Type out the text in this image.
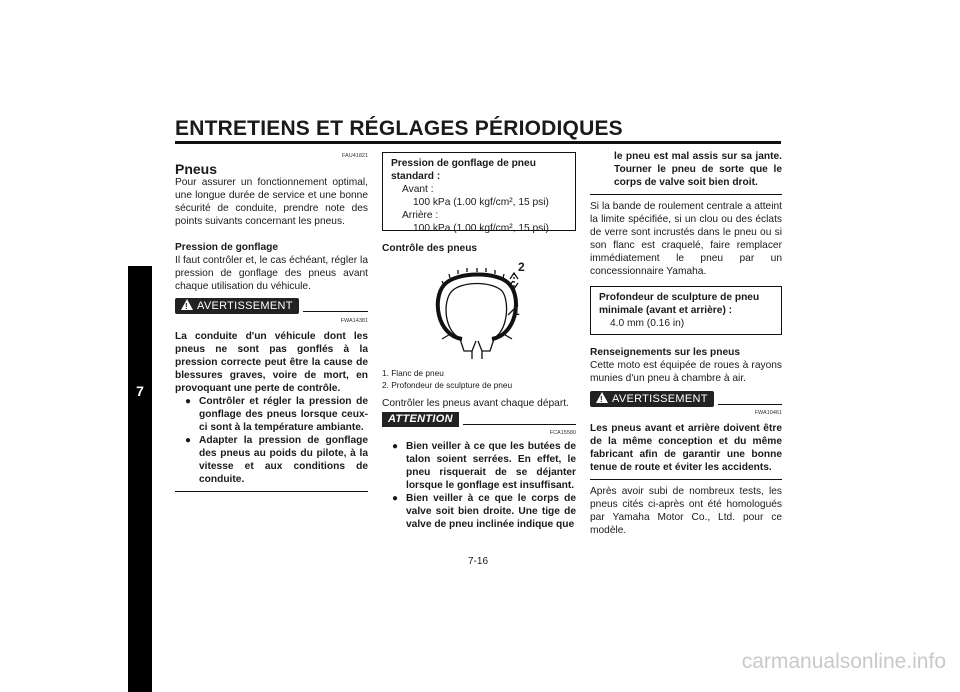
ENTRETIENS ET RÉGLAGES PÉRIODIQUES
7
FAU41821
Pneus

Pour assurer un fonctionnement optimal, une longue durée de service et une bonne sécurité de conduite, prendre note des points suivants concernant les pneus.

Pression de gonflage

Il faut contrôler et, le cas échéant, régler la pression de gonflage des pneus avant chaque utilisation du véhicule.

!AVERTISSEMENT
FWA14381

La conduite d'un véhicule dont les pneus ne sont pas gonflés à la pression correcte peut être la cause de blessures graves, voire de mort, en provoquant une perte de contrôle.

● Contrôler et régler la pression de gonflage des pneus lorsque ceux-ci sont à la température ambiante.

● Adapter la pression de gonflage des pneus au poids du pilote, à la vitesse et aux conditions de conduite.

Pression de gonflage de pneu standard :
Avant :
100 kPa (1.00 kgf/cm², 15 psi)
Arrière :
100 kPa (1.00 kgf/cm², 15 psi)
Contrôle des pneus
2
1
1. Flanc de pneu
2. Profondeur de sculpture de pneu

Contrôler les pneus avant chaque départ.

ATTENTION
FCA15580
● Bien veiller à ce que les butées de talon soient serrées. En effet, le pneu risquerait de se déjanter lorsque le gonflage est insuffisant.

● Bien veiller à ce que le corps de valve soit bien droite. Une tige de valve de pneu inclinée indique que

le pneu est mal assis sur sa jante. Tourner le pneu de sorte que le corps de valve soit bien droit.

Si la bande de roulement centrale a atteint la limite spécifiée, si un clou ou des éclats de verre sont incrustés dans le pneu ou si son flanc est craquelé, faire remplacer immédiatement le pneu par un concessionnaire Yamaha.

Profondeur de sculpture de pneu minimale (avant et arrière) :
4.0 mm (0.16 in)
Renseignements sur les pneus

Cette moto est équipée de roues à rayons munies d'un pneu à chambre à air.

!AVERTISSEMENT
FWA10461

Les pneus avant et arrière doivent être de la même conception et du même fabricant afin de garantir une bonne tenue de route et éviter les accidents.

Après avoir subi de nombreux tests, les pneus cités ci-après ont été homologués par Yamaha Motor Co., Ltd. pour ce modèle.

7-16
carmanualsonline.info
